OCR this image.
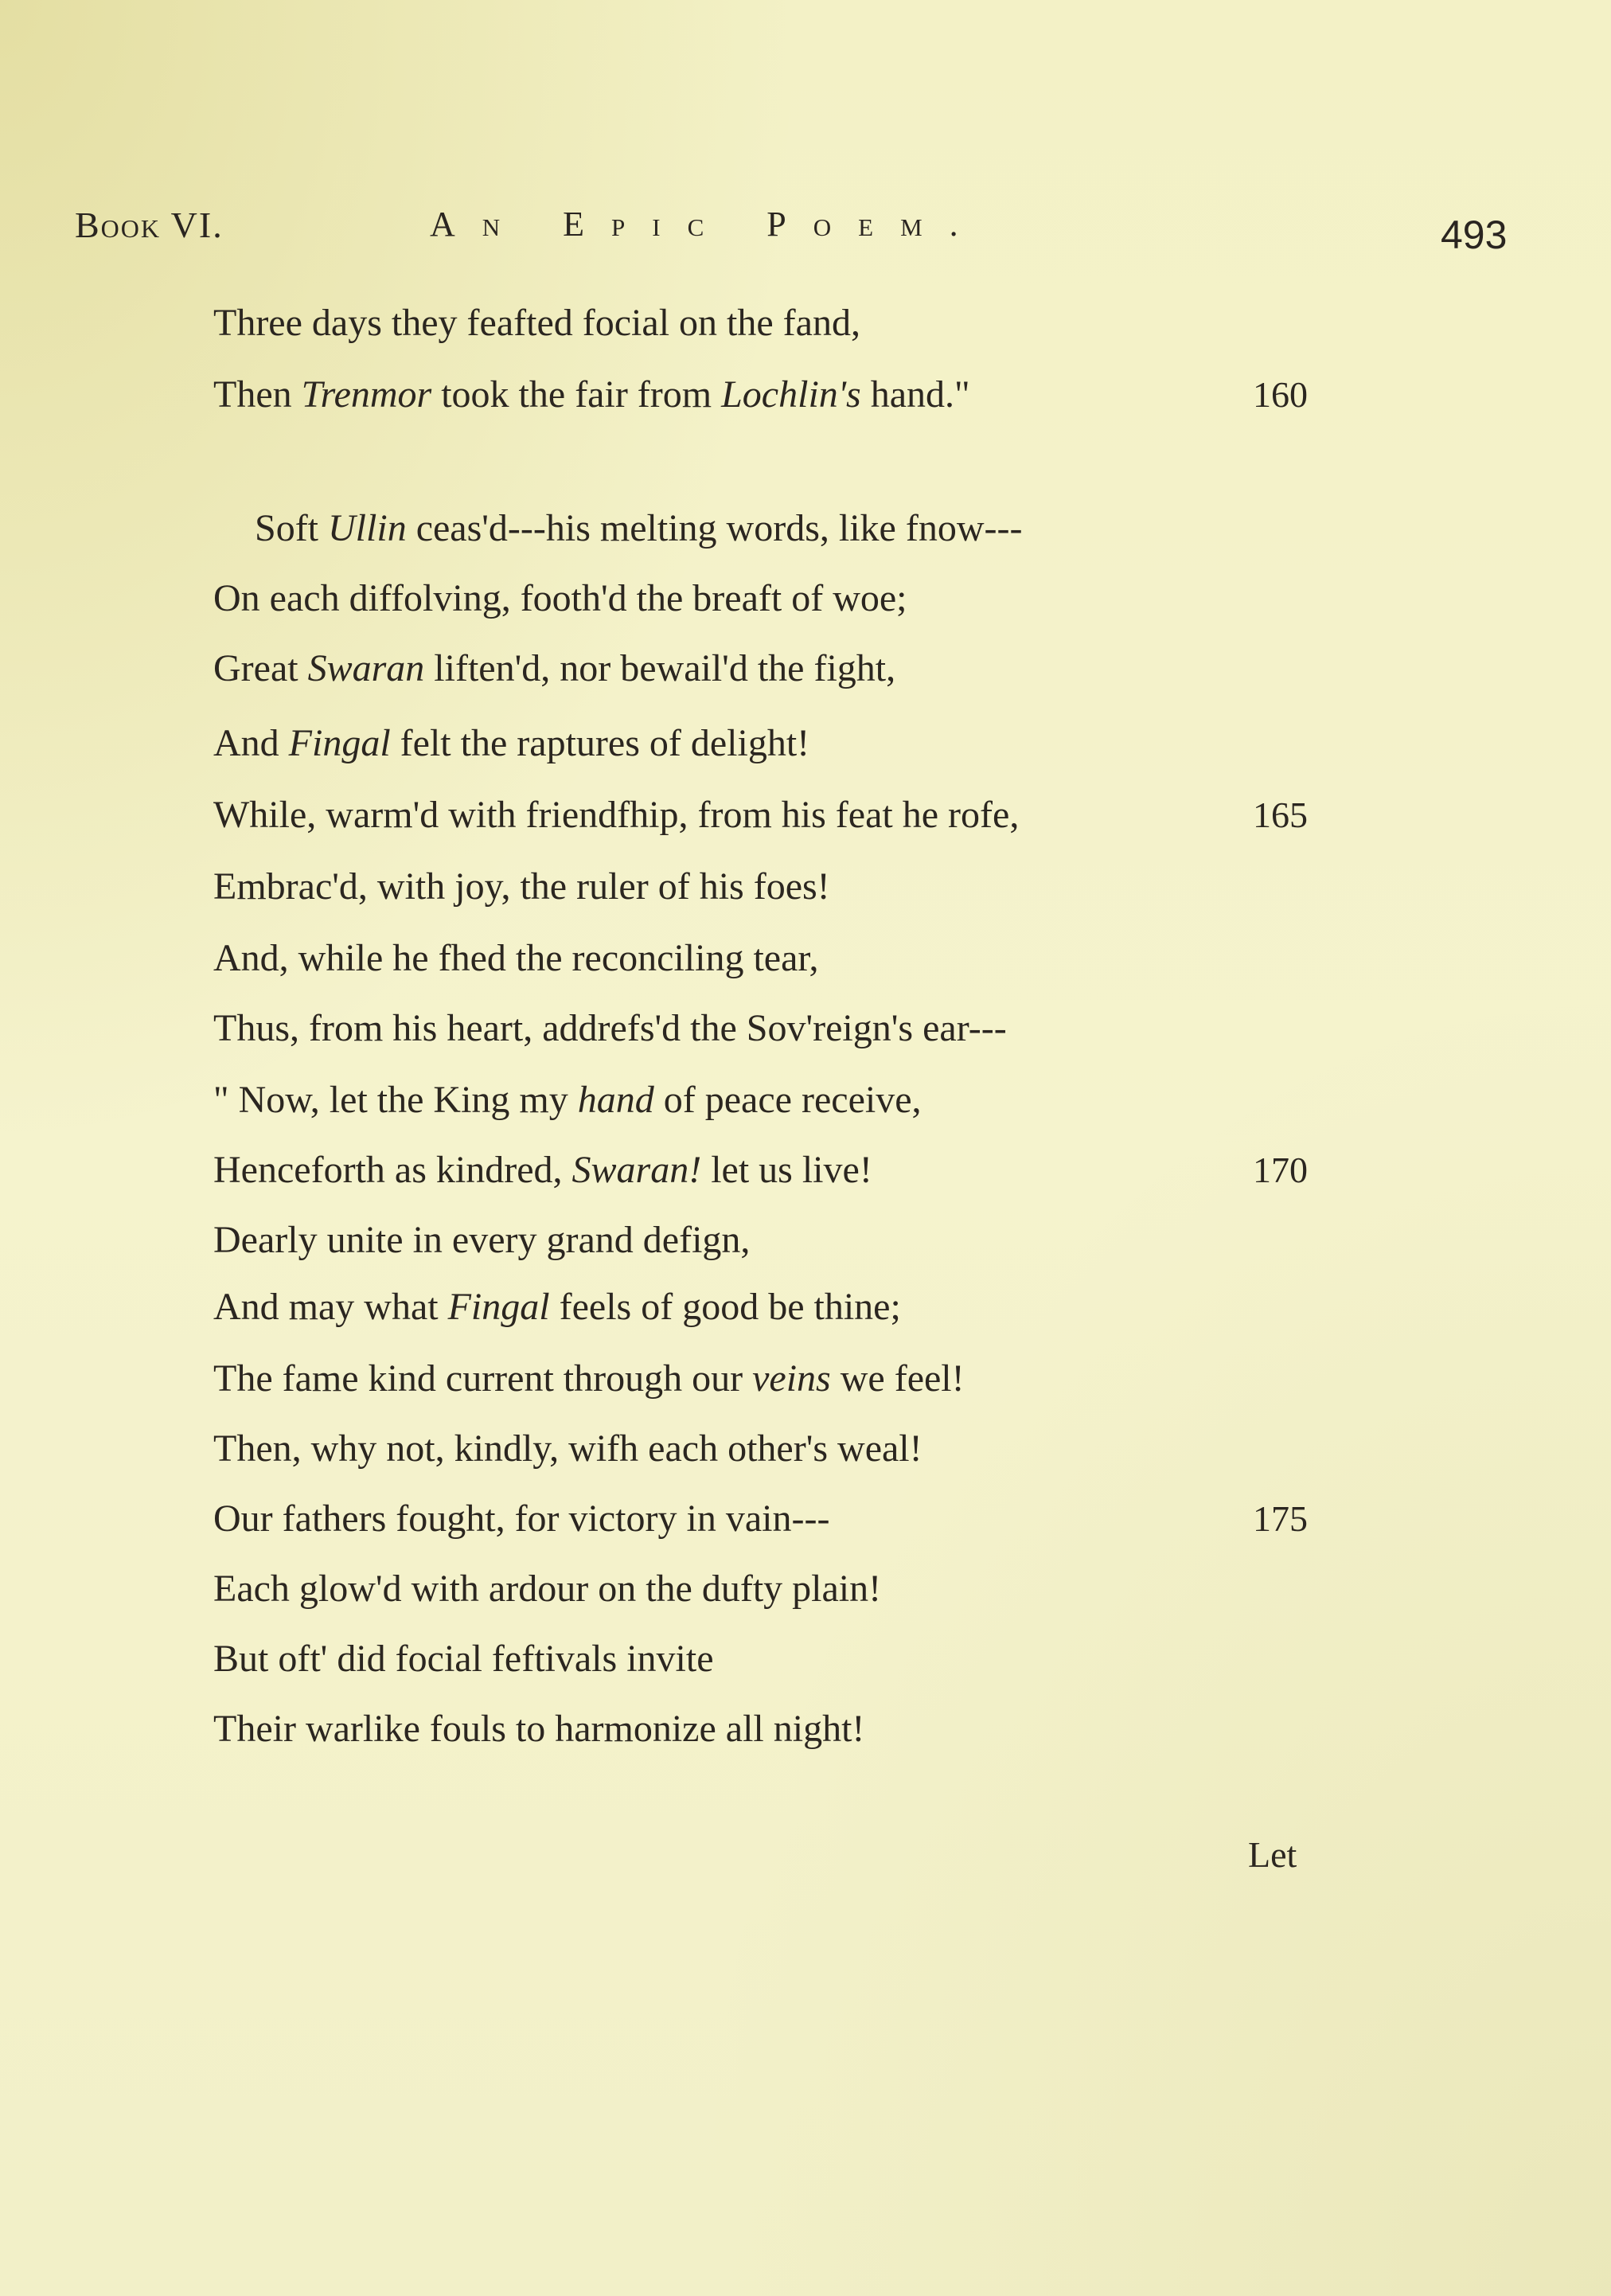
Book VI.	An Epic Poem.	493
Three days they feafted focial on the fand,
Then Trenmor took the fair from Lochlin's hand."	160
Soft Ullin ceas'd---his melting words, like fnow---
On each diffolving, footh'd the breaft of woe;
Great Swaran liften'd, nor bewail'd the fight,
And Fingal felt the raptures of delight!
While, warm'd with friendfhip, from his feat he rofe,	165
Embrac'd, with joy, the ruler of his foes!
And, while he fhed the reconciling tear,
Thus, from his heart, addrefs'd the Sov'reign's ear---
" Now, let the King my hand of peace receive,
Henceforth as kindred, Swaran! let us live!	170
Dearly unite in every grand defign,
And may what Fingal feels of good be thine;
The fame kind current through our veins we feel!
Then, why not, kindly, wifh each other's weal!
Our fathers fought, for victory in vain---	175
Each glow'd with ardour on the dufty plain!
But oft' did focial feftivals invite
Their warlike fouls to harmonize all night!
Let
